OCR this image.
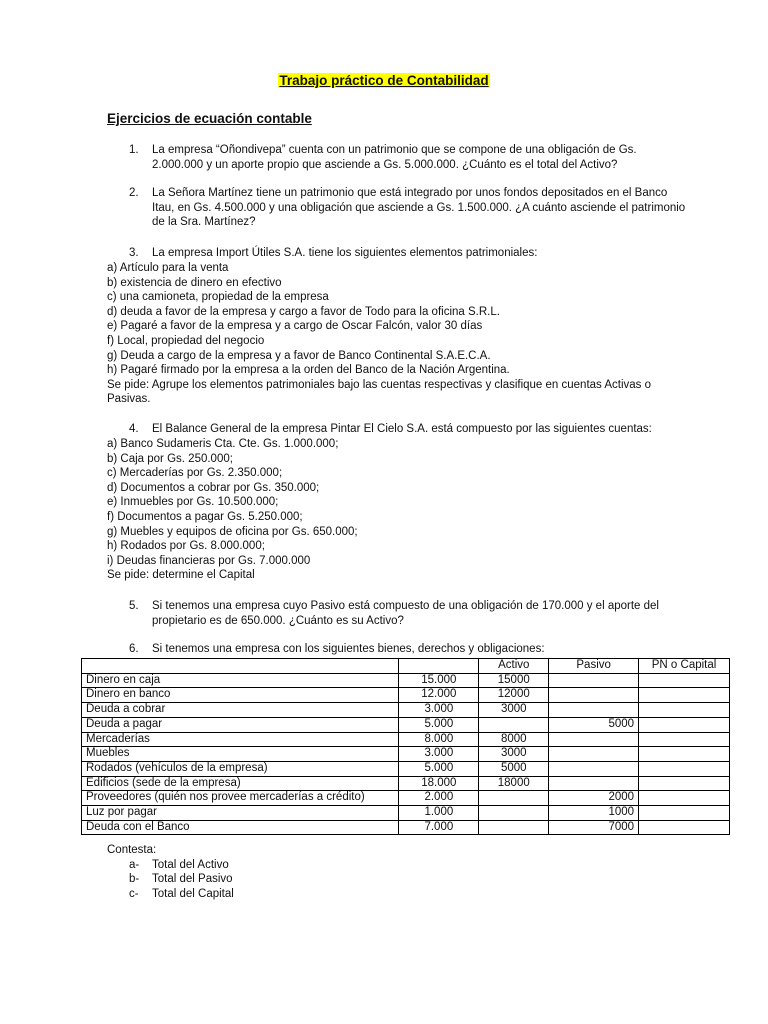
Trabajo práctico de Contabilidad
Ejercicios de ecuación contable
1. La empresa “Oñondivepa” cuenta con un patrimonio que se compone de una obligación de Gs.
2.000.000 y un aporte propio que asciende a Gs. 5.000.000. ¿Cuánto es el total del Activo?
2. La Señora Martínez tiene un patrimonio que está integrado por unos fondos depositados en el Banco
Itau, en Gs. 4.500.000 y una obligación que asciende a Gs. 1.500.000. ¿A cuánto asciende el patrimonio
de la Sra. Martínez?
3. La empresa Import Útiles S.A. tiene los siguientes elementos patrimoniales:
a) Artículo para la venta
b) existencia de dinero en efectivo
c) una camioneta, propiedad de la empresa
d) deuda a favor de la empresa y cargo a favor de Todo para la oficina S.R.L.
e) Pagaré a favor de la empresa y a cargo de Oscar Falcón, valor 30 días
f) Local, propiedad del negocio
g) Deuda a cargo de la empresa y a favor de Banco Continental S.A.E.C.A.
h) Pagaré firmado por la empresa a la orden del Banco de la Nación Argentina.
Se pide: Agrupe los elementos patrimoniales bajo las cuentas respectivas y clasifique en cuentas Activas o
Pasivas.
4. El Balance General de la empresa Pintar El Cielo S.A. está compuesto por las siguientes cuentas:
a) Banco Sudameris Cta. Cte. Gs. 1.000.000;
b) Caja por Gs. 250.000;
c) Mercaderías por Gs. 2.350.000;
d) Documentos a cobrar por Gs. 350.000;
e) Inmuebles por Gs. 10.500.000;
f) Documentos a pagar Gs. 5.250.000;
g) Muebles y equipos de oficina por Gs. 650.000;
h) Rodados por Gs. 8.000.000;
i) Deudas financieras por Gs. 7.000.000
Se pide: determine el Capital
5. Si tenemos una empresa cuyo Pasivo está compuesto de una obligación de 170.000 y el aporte del
propietario es de 650.000. ¿Cuánto es su Activo?
6. Si tenemos una empresa con los siguientes bienes, derechos y obligaciones:
		Activo	Pasivo	PN o Capital
Dinero en caja	15.000	15000		
Dinero en banco	12.000	12000		
Deuda a cobrar	3.000	3000		
Deuda a pagar	5.000		5000	
Mercaderías	8.000	8000		
Muebles	3.000	3000		
Rodados (vehículos de la empresa)	5.000	5000		
Edificios (sede de la empresa)	18.000	18000		
Proveedores (quién nos provee mercaderías a crédito)	2.000		2000	
Luz por pagar	1.000		1000	
Deuda con el Banco	7.000		7000	
Contesta:
a- Total del Activo
b- Total del Pasivo
c- Total del Capital
